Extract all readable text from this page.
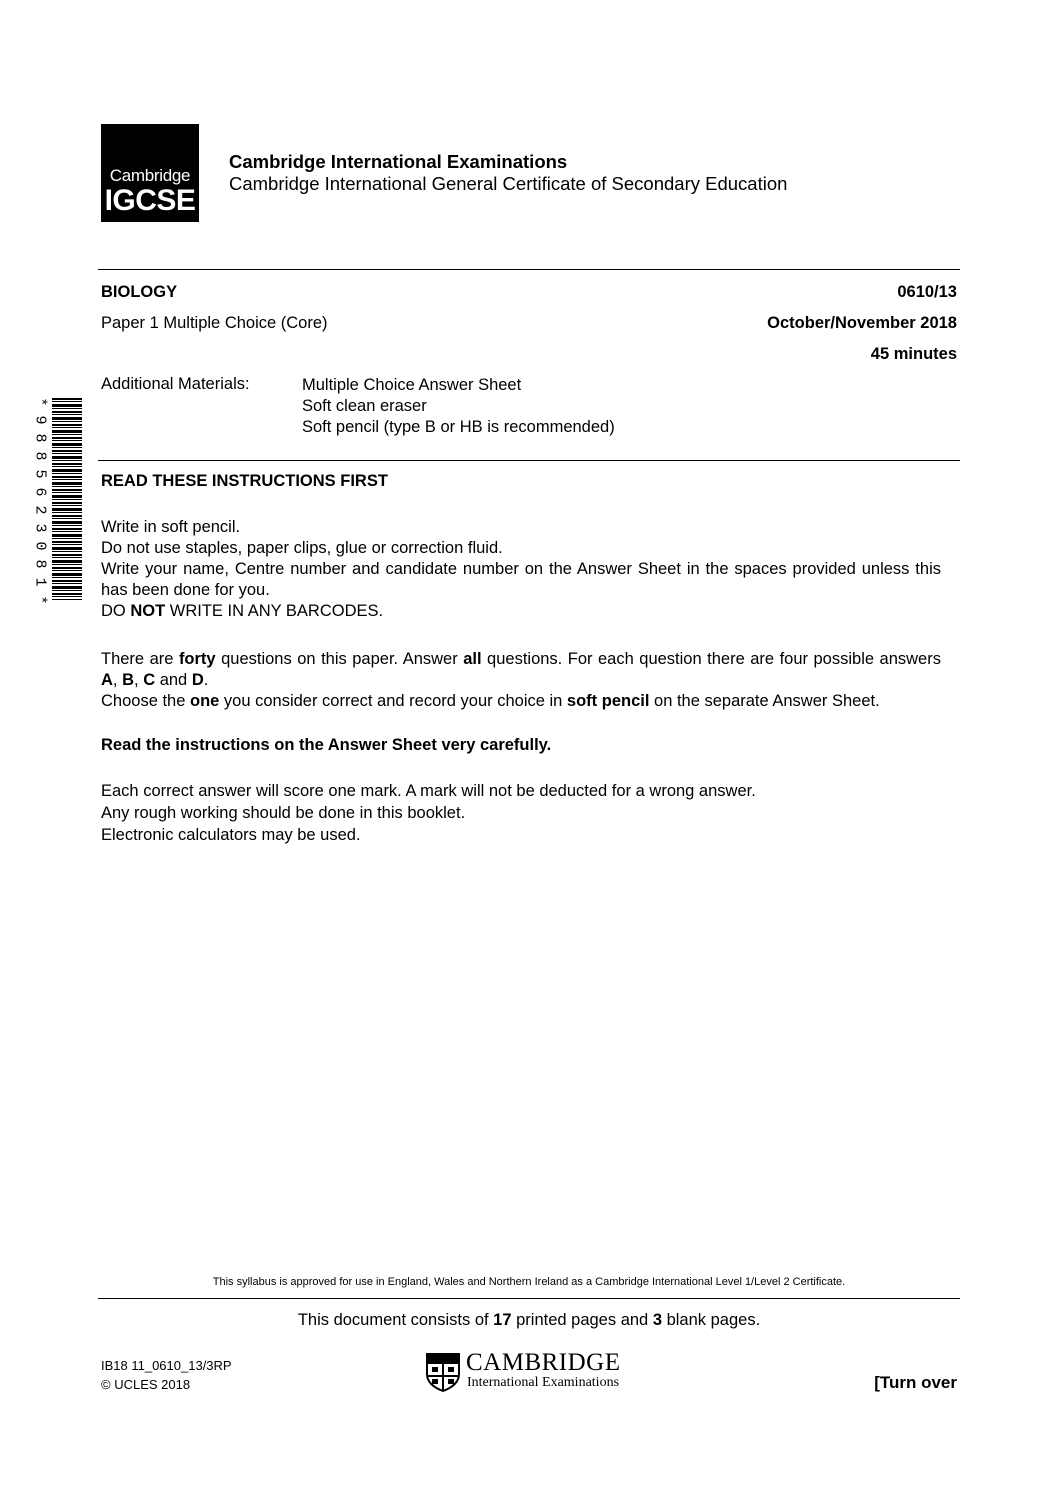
Cambridge
IGCSE
Cambridge International Examinations
Cambridge International General Certificate of Secondary Education
BIOLOGY	0610/13
Paper 1 Multiple Choice (Core)	October/November 2018
45 minutes
Additional Materials:	Multiple Choice Answer Sheet
Soft clean eraser
Soft pencil (type B or HB is recommended)
* 9 8 8 5 6 2 3 0 8 1 *	READ THESE INSTRUCTIONS FIRST

Write in soft pencil.

Do not use staples, paper clips, glue or correction fluid.

Write your name, Centre number and candidate number on the Answer Sheet in the spaces provided unless this has been done for you.

DO NOT WRITE IN ANY BARCODES.

There are forty questions on this paper. Answer all questions. For each question there are four possible answers A, B, C and D.

Choose the one you consider correct and record your choice in soft pencil on the separate Answer Sheet.

Read the instructions on the Answer Sheet very carefully.

Each correct answer will score one mark. A mark will not be deducted for a wrong answer.

Any rough working should be done in this booklet.

Electronic calculators may be used.

This syllabus is approved for use in England, Wales and Northern Ireland as a Cambridge International Level 1/Level 2 Certificate.
This document consists of 17 printed pages and 3 blank pages.
IB18 11_0610_13/3RP
© UCLES 2018
CAMBRIDGE
International Examinations	[Turn over
